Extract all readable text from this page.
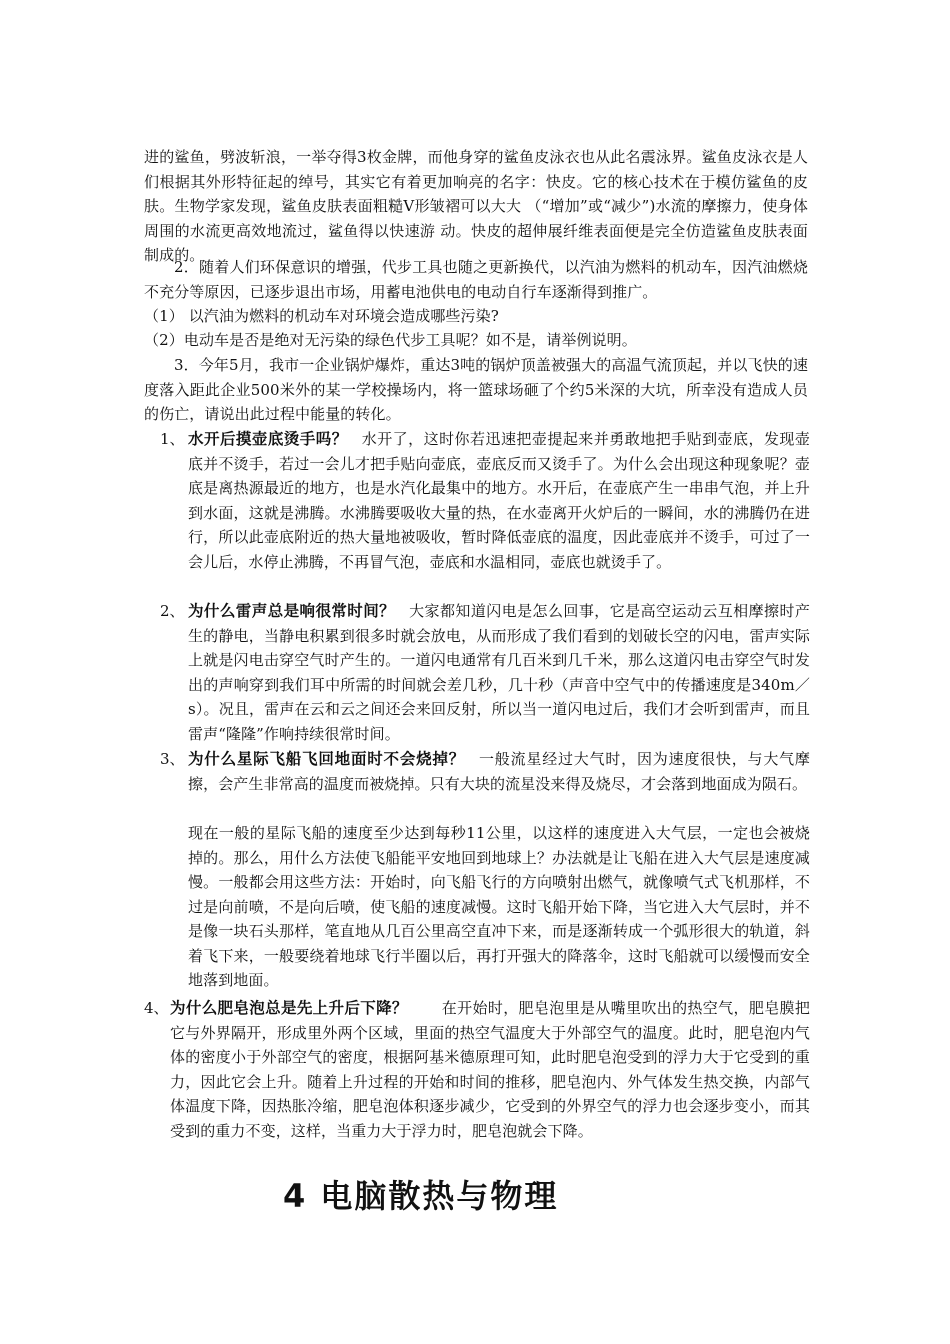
进的鲨鱼，劈波斩浪，一举夺得3枚金牌，而他身穿的鲨鱼皮泳衣也从此名震泳界。鲨鱼皮泳衣是人们根据其外形特征起的绰号，其实它有着更加响亮的名字：快皮。它的核心技术在于模仿鲨鱼的皮肤。生物学家发现，鲨鱼皮肤表面粗糙V形皱褶可以大大 （“增加”或“减少”)水流的摩擦力，使身体周围的水流更高效地流过，鲨鱼得以快速游 动。快皮的超伸展纤维表面便是完全仿造鲨鱼皮肤表面制成的。

2．随着人们环保意识的增强，代步工具也随之更新换代，以汽油为燃料的机动车，因汽油燃烧不充分等原因，已逐步退出市场，用蓄电池供电的电动自行车逐渐得到推广。

（1） 以汽油为燃料的机动车对环境会造成哪些污染?

（2）电动车是否是绝对无污染的绿色代步工具呢？如不是，请举例说明。

3．今年5月，我市一企业锅炉爆炸，重达3吨的锅炉顶盖被强大的高温气流顶起，并以飞快的速度落入距此企业500米外的某一学校操场内，将一篮球场砸了个约5米深的大坑，所幸没有造成人员的伤亡，请说出此过程中能量的转化。

1、 水开后摸壶底烫手吗？ 水开了，这时你若迅速把壶提起来并勇敢地把手贴到壶底，发现壶底并不烫手，若过一会儿才把手贴向壶底，壶底反而又烫手了。为什么会出现这种现象呢？壶底是离热源最近的地方，也是水汽化最集中的地方。水开后，在壶底产生一串串气泡，并上升到水面，这就是沸腾。水沸腾要吸收大量的热，在水壶离开火炉后的一瞬间，水的沸腾仍在进行，所以此壶底附近的热大量地被吸收，暂时降低壶底的温度，因此壶底并不烫手，可过了一会儿后，水停止沸腾，不再冒气泡，壶底和水温相同，壶底也就烫手了。

2、 为什么雷声总是响很常时间？ 大家都知道闪电是怎么回事，它是高空运动云互相摩擦时产生的静电，当静电积累到很多时就会放电，从而形成了我们看到的划破长空的闪电，雷声实际上就是闪电击穿空气时产生的。一道闪电通常有几百米到几千米，那么这道闪电击穿空气时发出的声响穿到我们耳中所需的时间就会差几秒，几十秒（声音中空气中的传播速度是340m／s）。况且，雷声在云和云之间还会来回反射，所以当一道闪电过后，我们才会听到雷声，而且雷声“隆隆”作响持续很常时间。

3、 为什么星际飞船飞回地面时不会烧掉？ 一般流星经过大气时，因为速度很快，与大气摩擦，会产生非常高的温度而被烧掉。只有大块的流星没来得及烧尽，才会落到地面成为陨石。

现在一般的星际飞船的速度至少达到每秒11公里，以这样的速度进入大气层，一定也会被烧掉的。那么，用什么方法使飞船能平安地回到地球上？办法就是让飞船在进入大气层是速度减慢。一般都会用这些方法：开始时，向飞船飞行的方向喷射出燃气，就像喷气式飞机那样，不过是向前喷，不是向后喷，使飞船的速度减慢。这时飞船开始下降，当它进入大气层时，并不是像一块石头那样，笔直地从几百公里高空直冲下来，而是逐渐转成一个弧形很大的轨道，斜着飞下来，一般要绕着地球飞行半圈以后，再打开强大的降落伞，这时飞船就可以缓慢而安全地落到地面。

4、 为什么肥皂泡总是先上升后下降？ 在开始时，肥皂泡里是从嘴里吹出的热空气，肥皂膜把它与外界隔开，形成里外两个区域，里面的热空气温度大于外部空气的温度。此时，肥皂泡内气体的密度小于外部空气的密度，根据阿基米德原理可知，此时肥皂泡受到的浮力大于它受到的重力，因此它会上升。随着上升过程的开始和时间的推移，肥皂泡内、外气体发生热交换，内部气体温度下降，因热胀冷缩，肥皂泡体积逐步减少，它受到的外界空气的浮力也会逐步变小，而其受到的重力不变，这样，当重力大于浮力时，肥皂泡就会下降。

4 电脑散热与物理
